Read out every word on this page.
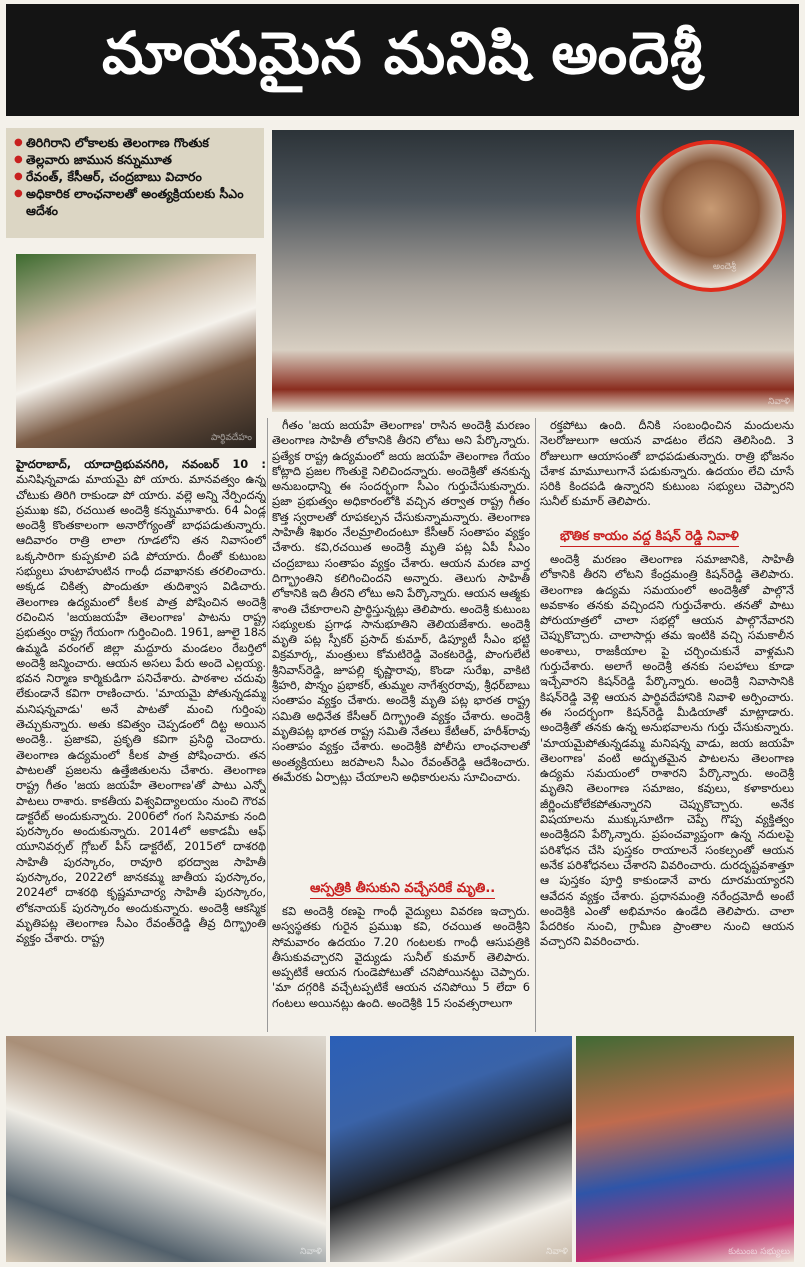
మాయమైన మనిషి అందెశ్రీ
● తిరిగిరాని లోకాలకు తెలంగాణ గొంతుక
● తెల్లవారు జామున కన్నుమూత
● రేవంత్, కేసీఆర్, చంద్రబాబు విచారం
● అధికారిక లాంఛనాలతో అంత్యక్రియలకు సీఎం ఆదేశం
పార్థివదేహం
నివాళి
అందెశ్రీ

హైదరాబాద్, యాదాద్రిభువనగిరి, నవంబర్ 10 : మనిషిన్నవాడు మాయమై పో యారు. మానవత్వం ఉన్న చోటుకు తిరిగి రాకుండా పో యారు. వల్లె అన్ని నేర్పిందన్న ప్రముఖ కవి, రచయిత అందెశ్రీ కన్నుమూశారు. 64 ఏండ్ల అందెశ్రీ కొంతకాలంగా అనారోగ్యంతో బాధపడుతున్నారు. ఆదివారం రాత్రి లాలా గూడలోని తన నివాసంలో ఒక్కసారిగా కుప్పకూలి పడి పోయారు. దీంతో కుటుంబ సభ్యులు హుటాహుటిన గాంధీ దవాఖానకు తరలించారు. అక్కడ చికిత్స పొందుతూ తుదిశ్వాస విడిచారు. తెలంగాణ ఉద్యమంలో కీలక పాత్ర పోషించిన అందెశ్రీ రచించిన 'జయజయహే తెలంగాణ' పాటను రాష్ట్ర ప్రభుత్వం రాష్ట్ర గేయంగా గుర్తించింది. 1961, జూలై 18న ఉమ్మడి వరంగల్ జిల్లా మద్దూరు మండలం రేబర్తిలో అందెశ్రీ జన్మించారు. ఆయన అసలు పేరు అందె ఎల్లయ్య. భవన నిర్మాణ కార్మికుడిగా పనిచేశారు. పాఠశాల చదువు లేకుండానే కవిగా రాణించారు. 'మాయమై పోతున్నడమ్మ మనిషన్నవాడు' అనే పాటతో మంచి గుర్తింపు తెచ్చుకున్నారు. అతు కవిత్వం చెప్పడంలో దిట్ట అయిన అందెశ్రీ.. ప్రజాకవి, ప్రకృతి కవిగా ప్రసిద్ధి చెందారు. తెలంగాణ ఉద్యమంలో కీలక పాత్ర పోషించారు. తన పాటలతో ప్రజలను ఉత్తేజితులను చేశారు. తెలంగాణ రాష్ట్ర గీతం 'జయ జయహే తెలంగాణ'తో పాటు ఎన్నో పాటలు రాశారు. కాకతీయ విశ్వవిద్యాలయం నుంచి గౌరవ డాక్టరేట్ అందుకున్నారు. 2006లో గంగ సినిమాకు నంది పురస్కారం అందుకున్నారు. 2014లో అకాడమీ ఆఫ్ యూనివర్సల్ గ్లోబల్ పీస్ డాక్టరేట్, 2015లో దాశరథి సాహితీ పురస్కారం, రావూరి భరద్వాజ సాహితీ పురస్కారం, 2022లో జానకమ్మ జాతీయ పురస్కారం, 2024లో దాశరథి కృష్ణమాచార్య సాహితీ పురస్కారం, లోకనాయక్ పురస్కారం అందుకున్నారు. అందెశ్రీ ఆకస్మిక మృతిపట్ల తెలంగాణ సీఎం రేవంత్‌రెడ్డి తీవ్ర దిగ్భ్రాంతి వ్యక్తం చేశారు. రాష్ట్ర

గీతం 'జయ జయహే తెలంగాణ' రాసిన అందెశ్రీ మరణం తెలంగాణ సాహితీ లోకానికి తీరని లోటు అని పేర్కొన్నారు. ప్రత్యేక రాష్ట్ర ఉద్యమంలో జయ జయహే తెలంగాణ గేయం కోట్లాది ప్రజల గొంతుకై నిలిచిందన్నారు. అందెశ్రీతో తనకున్న అనుబంధాన్ని ఈ సందర్భంగా సీఎం గుర్తుచేసుకున్నారు. ప్రజా ప్రభుత్వం అధికారంలోకి వచ్చిన తర్వాత రాష్ట్ర గీతం కొత్త స్వరాలతో రూపకల్పన చేసుకున్నామన్నారు. తెలంగాణ సాహితీ శిఖరం నేలమ్రాలిందంటూ కేసీఆర్ సంతాపం వ్యక్తం చేశారు. కవి,రచయిత అందెశ్రీ మృతి పట్ల ఏపీ సీఎం చంద్రబాబు సంతాపం వ్యక్తం చేశారు. ఆయన మరణ వార్త దిగ్భ్రాంతిని కలిగించిందని అన్నారు. తెలుగు సాహితీ లోకానికి ఇది తీరని లోటు అని పేర్కొన్నారు. ఆయన ఆత్మకు శాంతి చేకూరాలని ప్రార్థిస్తున్నట్లు తెలిపారు. అందెశ్రీ కుటుంబ సభ్యులకు ప్రగాఢ సానుభూతిని తెలియజేశారు. అందెశ్రీ మృతి పట్ల స్పీకర్ ప్రసాద్ కుమార్, డిప్యూటీ సీఎం భట్టి విక్రమార్క, మంత్రులు కోమటిరెడ్డి వెంకటరెడ్డి, పొంగులేటి శ్రీనివాస్‌రెడ్డి, జూపల్లి కృష్ణారావు, కొండా సురేఖ, వాకిటి శ్రీహరి, పొన్నం ప్రభాకర్, తుమ్మల నాగేశ్వరరావు, శ్రీధర్‌బాబు సంతాపం వ్యక్తం చేశారు. అందెశ్రీ మృతి పట్ల భారత రాష్ట్ర సమితి అధినేత కేసీఆర్ దిగ్భ్రాంతి వ్యక్తం చేశారు. అందెశ్రీ మృతిపట్ల భారత రాష్ట్ర సమితి నేతలు కేటీఆర్, హరీశ్‌రావు సంతాపం వ్యక్తం చేశారు. అందెశ్రీకి పోలీసు లాంఛనాలతో అంత్యక్రియలు జరపాలని సీఎం రేవంత్‌రెడ్డి ఆదేశించారు. ఈమేరకు ఏర్పాట్లు చేయాలని అధికారులను సూచించారు.

ఆస్పత్రికి తీసుకుని వచ్చేసరికే మృతి..

కవి అందెశ్రీ రణపై గాంధీ వైద్యులు వివరణ ఇచ్చారు. అస్వస్థతకు గురైన ప్రముఖ కవి, రచయిత అందెశ్రీని సోమవారం ఉదయం 7.20 గంటలకు గాంధీ ఆసుపత్రికి తీసుకువచ్చారని వైద్యుడు సునీల్ కుమార్ తెలిపారు. అప్పటికే ఆయన గుండెపోటుతో చనిపోయినట్టు చెప్పారు. 'మా దగ్గరికి వచ్చేటప్పటికే ఆయన చనిపోయి 5 లేదా 6 గంటలు అయినట్లు ఉంది. అందెశ్రీకి 15 సంవత్సరాలుగా

రక్తపోటు ఉంది. దీనికి సంబంధించిన మందులను నెలరోజులుగా ఆయన వాడటం లేదని తెలిసింది. 3 రోజులుగా ఆయాసంతో బాధపడుతున్నారు. రాత్రి భోజనం చేశాక మామూలుగానే పడుకున్నారు. ఉదయం లేచి చూసే సరికి కిందపడి ఉన్నారని కుటుంబ సభ్యులు చెప్పారని సునీల్ కుమార్ తెలిపారు.

భౌతిక కాయం వద్ద కిషన్ రెడ్డి నివాళి

అందెశ్రీ మరణం తెలంగాణ సమాజానికి, సాహితీ లోకానికి తీరని లోటని కేంద్రమంత్రి కిషన్‌రెడ్డి తెలిపారు. తెలంగాణ ఉద్యమ సమయంలో అందెశ్రీతో పాల్గొనే అవకాశం తనకు వచ్చిందని గుర్తుచేశారు. తనతో పాటు పోరుయాత్రలో చాలా సభల్లో ఆయన పాల్గొనేవారని చెప్పుకొచ్చారు. చాలాసార్లు తమ ఇంటికి వచ్చి సమకాలీన అంశాలు, రాజకీయాల పై చర్చించుకునే వాళ్లమని గుర్తుచేశారు. అలాగే అందెశ్రీ తనకు సలహాలు కూడా ఇచ్చేవారని కిషన్‌రెడ్డి పేర్కొన్నారు. అందెశ్రీ నివాసానికి కిషన్‌రెడ్డి వెళ్లి ఆయన పార్థివదేహానికి నివాళి అర్పించారు. ఈ సందర్భంగా కిషన్‌రెడ్డి మీడియాతో మాట్లాడారు. అందెశ్రీతో తనకు ఉన్న అనుభవాలను గుర్తు చేసుకున్నారు. 'మాయమైపోతున్నడమ్మ మనిషన్న వాడు, జయ జయహే తెలంగాణ' వంటి అద్భుతమైన పాటలను తెలంగాణ ఉద్యమ సమయంలో రాశారని పేర్కొన్నారు. అందెశ్రీ మృతిని తెలంగాణ సమాజం, కవులు, కళాకారులు జీర్ణించుకోలేకపోతున్నారని చెప్పుకొచ్చారు. అనేక విషయాలను ముక్కుసూటిగా చెప్పే గొప్ప వ్యక్తిత్వం అందెశ్రీదని పేర్కొన్నారు. ప్రపంచవ్యాప్తంగా ఉన్న నదులపై పరిశోధన చేసి పుస్తకం రాయాలనే సంకల్పంతో ఆయన అనేక పరిశోధనలు చేశారని వివరించారు. దురదృష్టవశాత్తూ ఆ పుస్తకం పూర్తి కాకుండానే వారు దూరమయ్యారని ఆవేదన వ్యక్తం చేశారు. ప్రధానమంత్రి నరేంద్రమోదీ అంటే అందెశ్రీకి ఎంతో అభిమానం ఉండేది తెలిపారు. చాలా పేదరికం నుంచి, గ్రామీణ ప్రాంతాల నుంచి ఆయన వచ్చారని వివరించారు.

నివాళి	నివాళి	కుటుంబ సభ్యులు
